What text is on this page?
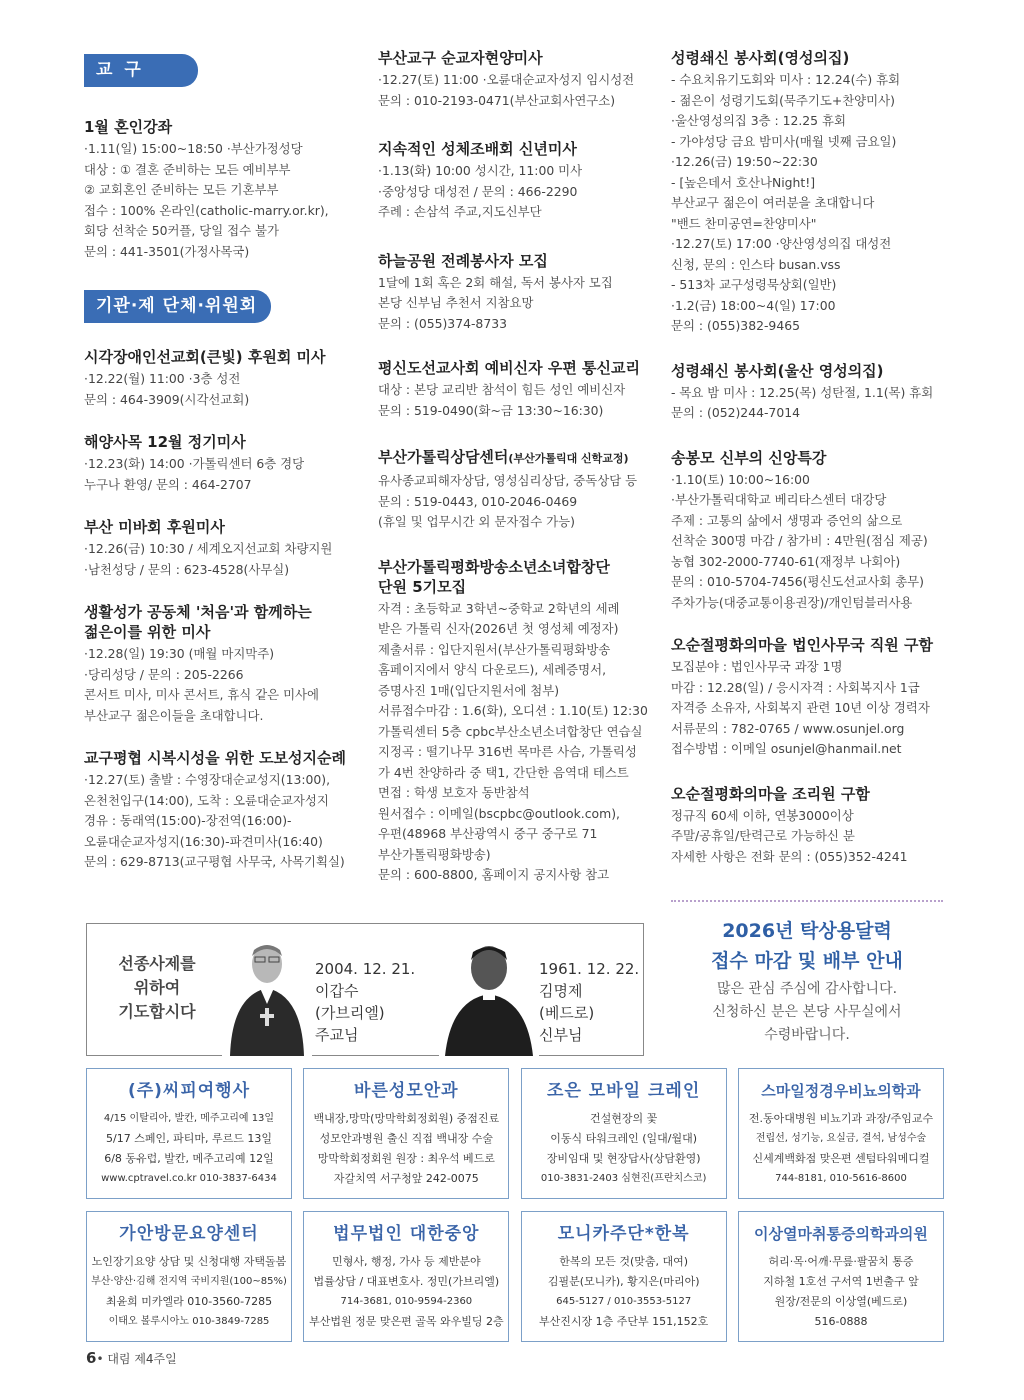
교 구
1월 혼인강좌

·1.11(일) 15:00~18:50 ·부산가정성당

대상 : ① 결혼 준비하는 모든 예비부부

② 교회혼인 준비하는 모든 기혼부부

접수 : 100% 온라인(catholic-marry.or.kr),

회당 선착순 50커플, 당일 접수 불가

문의 : 441-3501(가정사목국)

기관·제 단체·위원회
시각장애인선교회(큰빛) 후원회 미사

·12.22(월) 11:00 ·3층 성전

문의 : 464-3909(시각선교회)

해양사목 12월 정기미사

·12.23(화) 14:00 ·가톨릭센터 6층 경당

누구나 환영/ 문의 : 464-2707

부산 미바회 후원미사

·12.26(금) 10:30 / 세계오지선교회 차량지원

·남천성당 / 문의 : 623-4528(사무실)

생활성가 공동체 '처음'과 함께하는
젊은이를 위한 미사

·12.28(일) 19:30 (매월 마지막주)

·당리성당 / 문의 : 205-2266

콘서트 미사, 미사 콘서트, 휴식 같은 미사에

부산교구 젊은이들을 초대합니다.

교구평협 시복시성을 위한 도보성지순례

·12.27(토) 출발 : 수영장대순교성지(13:00),

온천천입구(14:00), 도착 : 오륜대순교자성지

경유 : 동래역(15:00)-장전역(16:00)-

오륜대순교자성지(16:30)-파견미사(16:40)

문의 : 629-8713(교구평협 사무국, 사목기획실)

부산교구 순교자현양미사

·12.27(토) 11:00 ·오륜대순교자성지 임시성전

문의 : 010-2193-0471(부산교회사연구소)

지속적인 성체조배회 신년미사

·1.13(화) 10:00 성시간, 11:00 미사

·중앙성당 대성전 / 문의 : 466-2290

주례 : 손삼석 주교,지도신부단

하늘공원 전례봉사자 모집

1달에 1회 혹은 2회 해설, 독서 봉사자 모집

본당 신부님 추천서 지참요망

문의 : (055)374-8733

평신도선교사회 예비신자 우편 통신교리

대상 : 본당 교리반 참석이 힘든 성인 예비신자

문의 : 519-0490(화~금 13:30~16:30)

부산가톨릭상담센터(부산가톨릭대 신학교정)

유사종교피해자상담, 영성심리상담, 중독상담 등

문의 : 519-0443, 010-2046-0469

(휴일 및 업무시간 외 문자접수 가능)

부산가톨릭평화방송소년소녀합창단
단원 5기모집

자격 : 초등학교 3학년~중학교 2학년의 세례

받은 가톨릭 신자(2026년 첫 영성체 예정자)

제출서류 : 입단지원서(부산가톨릭평화방송

홈페이지에서 양식 다운로드), 세례증명서,

증명사진 1매(입단지원서에 첨부)

서류접수마감 : 1.6(화), 오디션 : 1.10(토) 12:30

가톨릭센터 5층 cpbc부산소년소녀합창단 연습실

지정곡 : 떨기나무 316번 목마른 사슴, 가톨릭성

가 4번 찬양하라 중 택1, 간단한 음역대 테스트

면접 : 학생 보호자 동반참석

원서접수 : 이메일(bscpbc@outlook.com),

우편(48968 부산광역시 중구 중구로 71

부산가톨릭평화방송)

문의 : 600-8800, 홈페이지 공지사항 참고

성령쇄신 봉사회(영성의집)

- 수요치유기도회와 미사 : 12.24(수) 휴회

- 젊은이 성령기도회(묵주기도+찬양미사)

·울산영성의집 3층 : 12.25 휴회

- 가야성당 금요 밤미사(매월 넷째 금요일)

·12.26(금) 19:50~22:30

- [높은데서 호산나Night!]

부산교구 젊은이 여러분을 초대합니다

"밴드 찬미공연=찬양미사"

·12.27(토) 17:00 ·양산영성의집 대성전

신청, 문의 : 인스타 busan.vss

- 513차 교구성령묵상회(일반)

·1.2(금) 18:00~4(일) 17:00

문의 : (055)382-9465

성령쇄신 봉사회(울산 영성의집)

- 목요 밤 미사 : 12.25(목) 성탄절, 1.1(목) 휴회

문의 : (052)244-7014

송봉모 신부의 신앙특강

·1.10(토) 10:00~16:00

·부산가톨릭대학교 베리타스센터 대강당

주제 : 고통의 삶에서 생명과 증언의 삶으로

선착순 300명 마감 / 참가비 : 4만원(점심 제공)

농협 302-2000-7740-61(재정부 나회아)

문의 : 010-5704-7456(평신도선교사회 총무)

주차가능(대중교통이용권장)/개인텀블러사용

오순절평화의마을 법인사무국 직원 구함

모집분야 : 법인사무국 과장 1명

마감 : 12.28(일) / 응시자격 : 사회복지사 1급

자격증 소유자, 사회복지 관련 10년 이상 경력자

서류문의 : 782-0765 / www.osunjel.org

접수방법 : 이메일 osunjel@hanmail.net

오순절평화의마을 조리원 구함

정규직 60세 이하, 연봉3000이상

주말/공휴일/탄력근로 가능하신 분

자세한 사항은 전화 문의 : (055)352-4241

선종사제를
위하여
기도합시다
2004. 12. 21.
이갑수
(가브리엘)
주교님
1961. 12. 22.
김명제
(베드로)
신부님
2026년 탁상용달력
접수 마감 및 배부 안내

많은 관심 주심에 감사합니다.
신청하신 분은 본당 사무실에서
수령바랍니다.

(주)씨피여행사

4/15 이탈리아, 발칸, 메주고리예 13일

5/17 스페인, 파티마, 루르드 13일

6/8 동유럽, 발칸, 메주고리예 12일

www.cptravel.co.kr 010-3837-6434

바른성모안과

백내장,망막(망막학회정회원) 중점진료

성모안과병원 출신 직접 백내장 수술

망막학회정회원 원장 : 최우석 베드로

자갈치역 서구청앞 242-0075

조은 모바일 크레인

건설현장의 꽃

이동식 타워크레인 (일대/월대)

장비임대 및 현장답사(상담환영)

010-3831-2403 심현진(프란치스코)

스마일정경우비뇨의학과

전.동아대병원 비뇨기과 과장/주임교수

전립선, 성기능, 요실금, 결석, 남성수술

신세계백화점 맞은편 센텀타워메디컬

744-8181, 010-5616-8600

가안방문요양센터

노인장기요양 상담 및 신청대행 자택돌봄

부산·양산·김해 전지역 국비지원(100~85%)

최윤희 미카엘라 010-3560-7285

이태오 볼루시아노 010-3849-7285

법무법인 대한중앙

민형사, 행정, 가사 등 제반분야

법률상담 / 대표변호사. 정민(가브리엘)

714-3681, 010-9594-2360

부산법원 정문 맞은편 골목 와우빌딩 2층

모니카주단*한복

한복의 모든 것(맞춤, 대여)

김필분(모니카), 황지은(마리아)

645-5127 / 010-3553-5127

부산진시장 1층 주단부 151,152호

이상열마취통증의학과의원

허리·목·어깨·무릎·팔꿈치 통증

지하철 1호선 구서역 1번출구 앞

원장/전문의 이상열(베드로)

516-0888

6• 대림 제4주일
